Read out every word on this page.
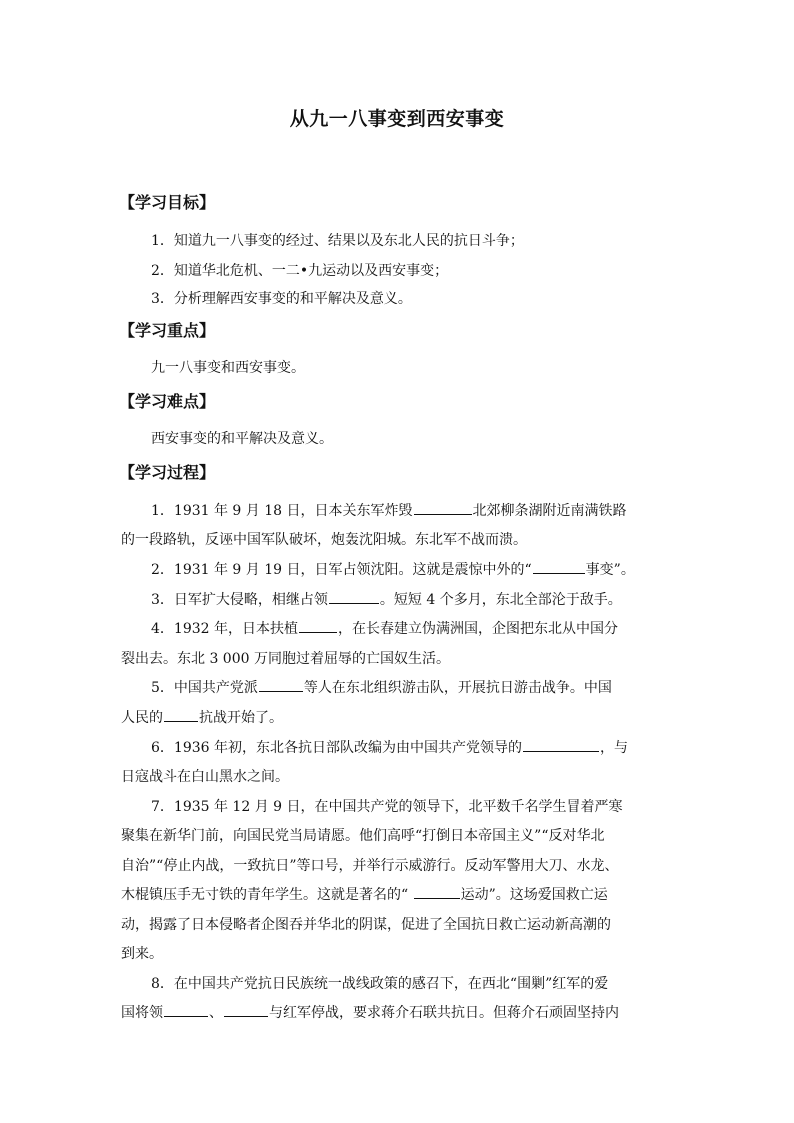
从九一八事变到西安事变
【学习目标】
1．知道九一八事变的经过、结果以及东北人民的抗日斗争；
2．知道华北危机、一二•九运动以及西安事变；
3．分析理解西安事变的和平解决及意义。
【学习重点】
九一八事变和西安事变。
【学习难点】
西安事变的和平解决及意义。
【学习过程】
1．1931 年 9 月 18 日，日本关东军炸毁	北郊柳条湖附近南满铁路
的一段路轨，反诬中国军队破坏，炮轰沈阳城。东北军不战而溃。
2．1931 年 9 月 19 日，日军占领沈阳。这就是震惊中外的“	事变”。
3．日军扩大侵略，相继占领	。短短 4 个多月，东北全部沦于敌手。
4．1932 年，日本扶植	，在长春建立伪满洲国，企图把东北从中国分
裂出去。东北 3 000 万同胞过着屈辱的亡国奴生活。
5．中国共产党派	等人在东北组织游击队，开展抗日游击战争。中国
人民的	抗战开始了。
6．1936 年初，东北各抗日部队改编为由中国共产党领导的	，与
日寇战斗在白山黑水之间。
7．1935 年 12 月 9 日，在中国共产党的领导下，北平数千名学生冒着严寒
聚集在新华门前，向国民党当局请愿。他们高呼“打倒日本帝国主义”“反对华北
自治”“停止内战，一致抗日”等口号，并举行示威游行。反动军警用大刀、水龙、
木棍镇压手无寸铁的青年学生。这就是著名的“	运动”。这场爱国救亡运
动，揭露了日本侵略者企图吞并华北的阴谋，促进了全国抗日救亡运动新高潮的
到来。
8．在中国共产党抗日民族统一战线政策的感召下，在西北“围剿”红军的爱
国将领	、	与红军停战，要求蒋介石联共抗日。但蒋介石顽固坚持内
